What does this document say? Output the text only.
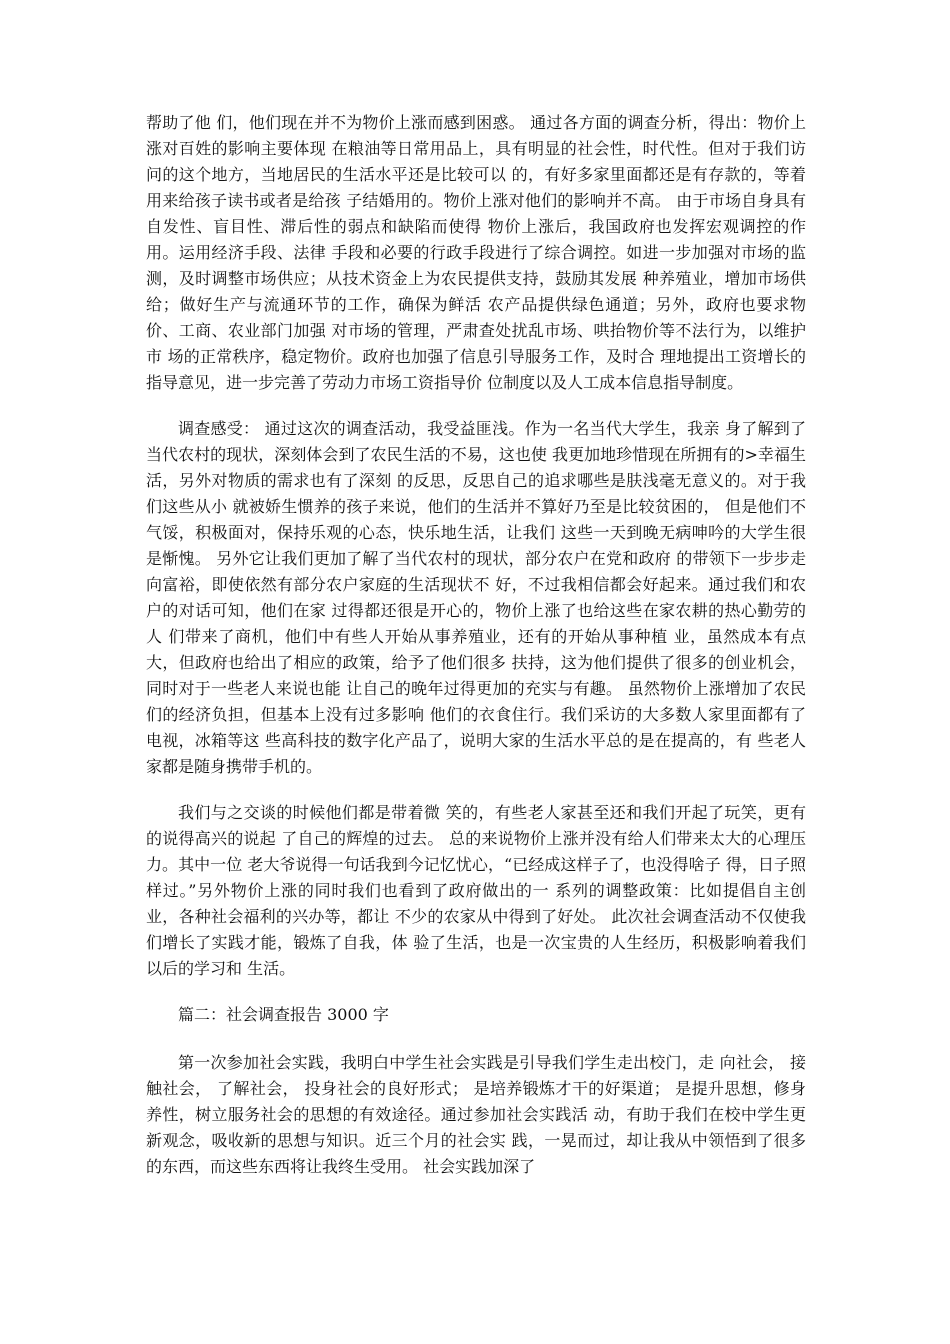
帮助了他 们，他们现在并不为物价上涨而感到困惑。 通过各方面的调查分析，得出：物价上涨对百姓的影响主要体现 在粮油等日常用品上，具有明显的社会性，时代性。但对于我们访问的这个地方，当地居民的生活水平还是比较可以 的，有好多家里面都还是有存款的，等着用来给孩子读书或者是给孩 子结婚用的。物价上涨对他们的影响并不高。 由于市场自身具有自发性、盲目性、滞后性的弱点和缺陷而使得 物价上涨后，我国政府也发挥宏观调控的作用。运用经济手段、法律 手段和必要的行政手段进行了综合调控。如进一步加强对市场的监 测，及时调整市场供应；从技术资金上为农民提供支持，鼓励其发展 种养殖业，增加市场供给；做好生产与流通环节的工作，确保为鲜活 农产品提供绿色通道；另外，政府也要求物价、工商、农业部门加强 对市场的管理，严肃查处扰乱市场、哄抬物价等不法行为，以维护市 场的正常秩序，稳定物价。政府也加强了信息引导服务工作，及时合 理地提出工资增长的指导意见，进一步完善了劳动力市场工资指导价 位制度以及人工成本信息指导制度。

调查感受： 通过这次的调查活动，我受益匪浅。作为一名当代大学生，我亲 身了解到了当代农村的现状，深刻体会到了农民生活的不易，这也使 我更加地珍惜现在所拥有的>幸福生活，另外对物质的需求也有了深刻 的反思，反思自己的追求哪些是肤浅毫无意义的。对于我们这些从小 就被娇生惯养的孩子来说，他们的生活并不算好乃至是比较贫困的， 但是他们不气馁，积极面对，保持乐观的心态，快乐地生活，让我们 这些一天到晚无病呻吟的大学生很是惭愧。 另外它让我们更加了解了当代农村的现状，部分农户在党和政府 的带领下一步步走向富裕，即使依然有部分农户家庭的生活现状不 好，不过我相信都会好起来。通过我们和农户的对话可知，他们在家 过得都还很是开心的，物价上涨了也给这些在家农耕的热心勤劳的人 们带来了商机，他们中有些人开始从事养殖业，还有的开始从事种植 业，虽然成本有点大，但政府也给出了相应的政策，给予了他们很多 扶持，这为他们提供了很多的创业机会，同时对于一些老人来说也能 让自己的晚年过得更加的充实与有趣。 虽然物价上涨增加了农民们的经济负担，但基本上没有过多影响 他们的衣食住行。我们采访的大多数人家里面都有了电视，冰箱等这 些高科技的数字化产品了，说明大家的生活水平总的是在提高的，有 些老人家都是随身携带手机的。

我们与之交谈的时候他们都是带着微 笑的，有些老人家甚至还和我们开起了玩笑，更有的说得高兴的说起 了自己的辉煌的过去。 总的来说物价上涨并没有给人们带来太大的心理压力。其中一位 老大爷说得一句话我到今记忆忧心，“已经成这样子了，也没得啥子 得，日子照样过。”另外物价上涨的同时我们也看到了政府做出的一 系列的调整政策：比如提倡自主创业，各种社会福利的兴办等，都让 不少的农家从中得到了好处。 此次社会调查活动不仅使我们增长了实践才能，锻炼了自我，体 验了生活，也是一次宝贵的人生经历，积极影响着我们以后的学习和 生活。

篇二：社会调查报告 3000 字

第一次参加社会实践，我明白中学生社会实践是引导我们学生走出校门，走 向社会， 接触社会， 了解社会， 投身社会的良好形式； 是培养锻炼才干的好渠道； 是提升思想，修身养性，树立服务社会的思想的有效途径。通过参加社会实践活 动，有助于我们在校中学生更新观念，吸收新的思想与知识。近三个月的社会实 践，一晃而过，却让我从中领悟到了很多的东西，而这些东西将让我终生受用。 社会实践加深了
